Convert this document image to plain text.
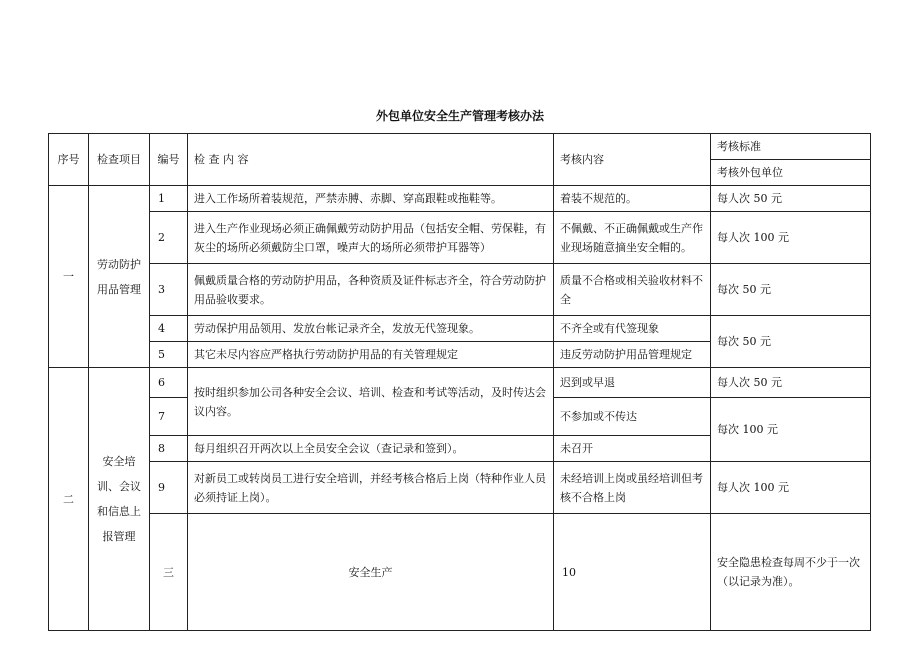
外包单位安全生产管理考核办法
序号	检查项目	编号	检 查 内 容	考核内容	考核标准	
					考核外包单位	
一	劳动防护用品管理	1	进入工作场所着装规范，严禁赤膊、赤脚、穿高跟鞋或拖鞋等。	着装不规范的。	每人次 50 元	
		2	进入生产作业现场必须正确佩戴劳动防护用品（包括安全帽、劳保鞋，有灰尘的场所必须戴防尘口罩，噪声大的场所必须带护耳器等）	不佩戴、不正确佩戴或生产作业现场随意摘坐安全帽的。	每人次 100 元	
		3	佩戴质量合格的劳动防护用品，各种资质及证件标志齐全，符合劳动防护用品验收要求。	质量不合格或相关验收材料不全	每次 50 元	
		4	劳动保护用品领用、发放台帐记录齐全，发放无代签现象。	不齐全或有代签现象	每次 50 元	
		5	其它未尽内容应严格执行劳动防护用品的有关管理规定	违反劳动防护用品管理规定		
二	安全培训、会议和信息上报管理	6	按时组织参加公司各种安全会议、培训、检查和考试等活动，及时传达会议内容。	迟到或早退	每人次 50 元	
		7		不参加或不传达	每次 100 元	
		8	每月组织召开两次以上全员安全会议（查记录和签到）。	未召开		
		9	对新员工或转岗员工进行安全培训，并经考核合格后上岗（特种作业人员必须持证上岗）。	未经培训上岗或虽经培训但考核不合格上岗	每人次 100 元	
		三	安全生产	10	安全隐患检查每周不少于一次（以记录为准）。		
